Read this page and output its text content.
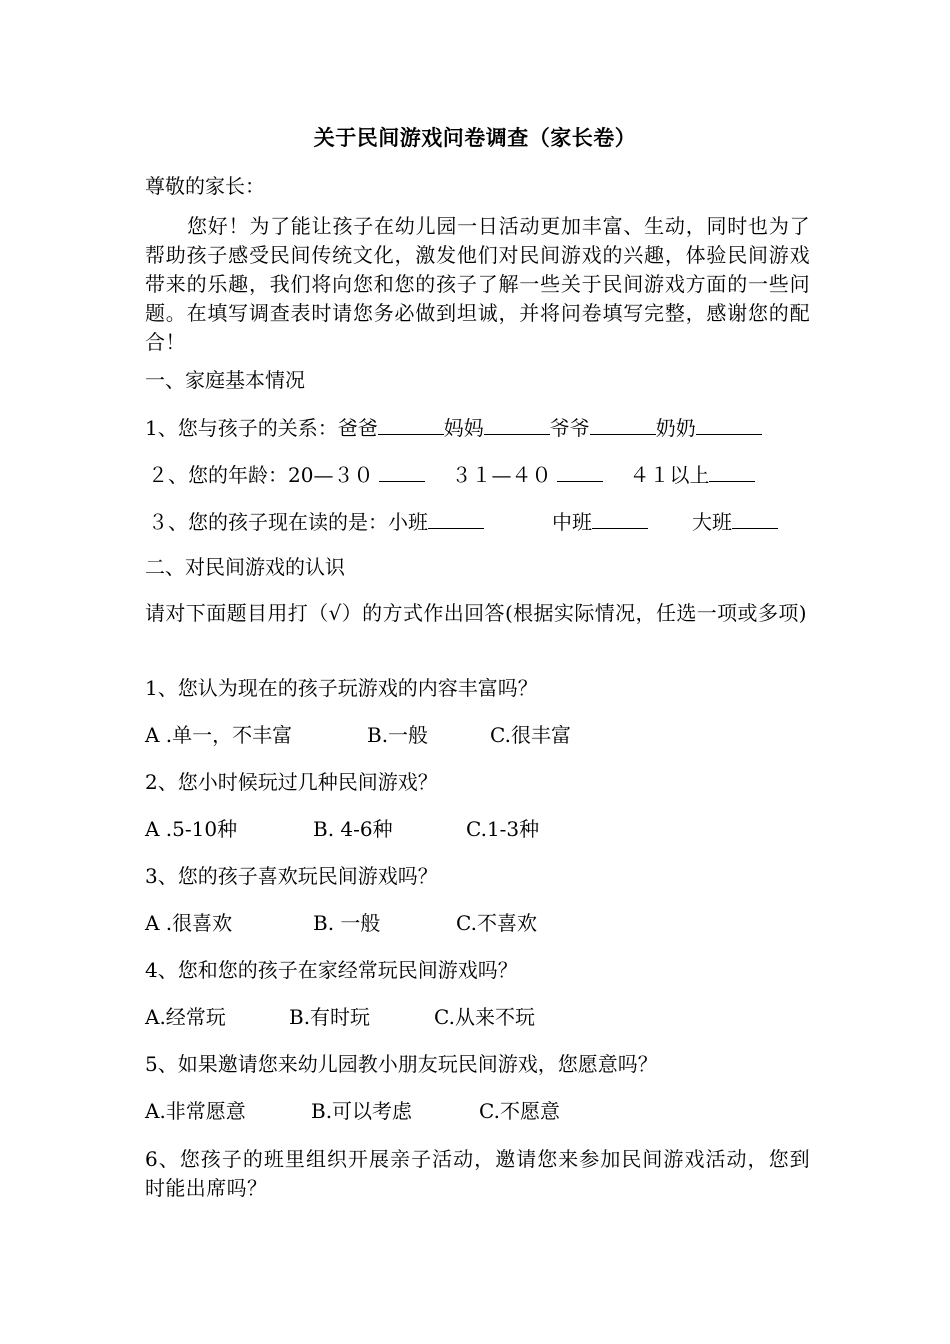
关于民间游戏问卷调查（家长卷）
尊敬的家长：
您好！为了能让孩子在幼儿园一日活动更加丰富、生动，同时也为了帮助孩子感受民间传统文化，激发他们对民间游戏的兴趣，体验民间游戏带来的乐趣，我们将向您和您的孩子了解一些关于民间游戏方面的一些问题。在填写调查表时请您务必做到坦诚，并将问卷填写完整，感谢您的配合！
一、家庭基本情况
1、您与孩子的关系：爸爸	妈妈	爷爷	奶奶
２、您的年龄：20—３０	３１—４０	４１以上
３、您的孩子现在读的是：小班	中班	大班
二、对民间游戏的认识
请对下面题目用打（√）的方式作出回答(根据实际情况，任选一项或多项)
1、您认为现在的孩子玩游戏的内容丰富吗？
A .单一，不丰富	B.一般	C.很丰富
2、您小时候玩过几种民间游戏？
A .5-10种	B. 4-6种	C.1-3种
3、您的孩子喜欢玩民间游戏吗？
A .很喜欢	B. 一般	C.不喜欢
4、您和您的孩子在家经常玩民间游戏吗？
A.经常玩	B.有时玩	C.从来不玩
5、如果邀请您来幼儿园教小朋友玩民间游戏，您愿意吗？
A.非常愿意	B.可以考虑	C.不愿意
6、您孩子的班里组织开展亲子活动，邀请您来参加民间游戏活动，您到时能出席吗？
